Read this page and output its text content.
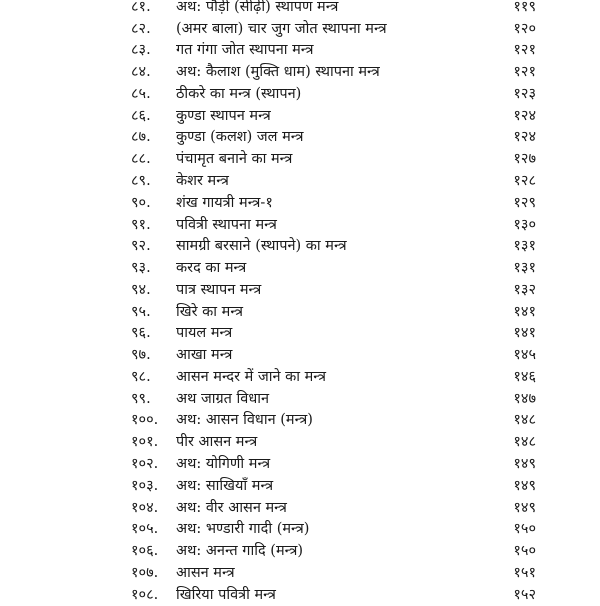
८१. अथ: पौड़ी (सीढ़ी) स्थापण मन्त्र	११९
८२. (अमर बाला) चार जुग जोत स्थापना मन्त्र	१२०
८३. गत गंगा जोत स्थापना मन्त्र	१२१
८४. अथ: कैलाश (मुक्ति धाम) स्थापना मन्त्र	१२१
८५. ठीकरे का मन्त्र (स्थापन)	१२३
८६. कुण्डा स्थापन मन्त्र	१२४
८७. कुण्डा (कलश) जल मन्त्र	१२४
८८. पंचामृत बनाने का मन्त्र	१२७
८९. केशर मन्त्र	१२८
९०. शंख गायत्री मन्त्र-१	१२९
९१. पवित्री स्थापना मन्त्र	१३०
९२. सामग्री बरसाने (स्थापने) का मन्त्र	१३१
९३. करद का मन्त्र	१३१
९४. पात्र स्थापन मन्त्र	१३२
९५. खिरे का मन्त्र	१४१
९६. पायल मन्त्र	१४१
९७. आखा मन्त्र	१४५
९८. आसन मन्दर में जाने का मन्त्र	१४६
९९. अथ जाग्रत विधान	१४७
१००. अथ: आसन विधान (मन्त्र)	१४८
१०१. पीर आसन मन्त्र	१४८
१०२. अथ: योगिणी मन्त्र	१४९
१०३. अथ: साखियाँ मन्त्र	१४९
१०४. अथ: वीर आसन मन्त्र	१४९
१०५. अथ: भण्डारी गादी (मन्त्र)	१५०
१०६. अथ: अनन्त गादि (मन्त्र)	१५०
१०७. आसन मन्त्र	१५१
१०८. खिरिया पवित्री मन्त्र	१५२
